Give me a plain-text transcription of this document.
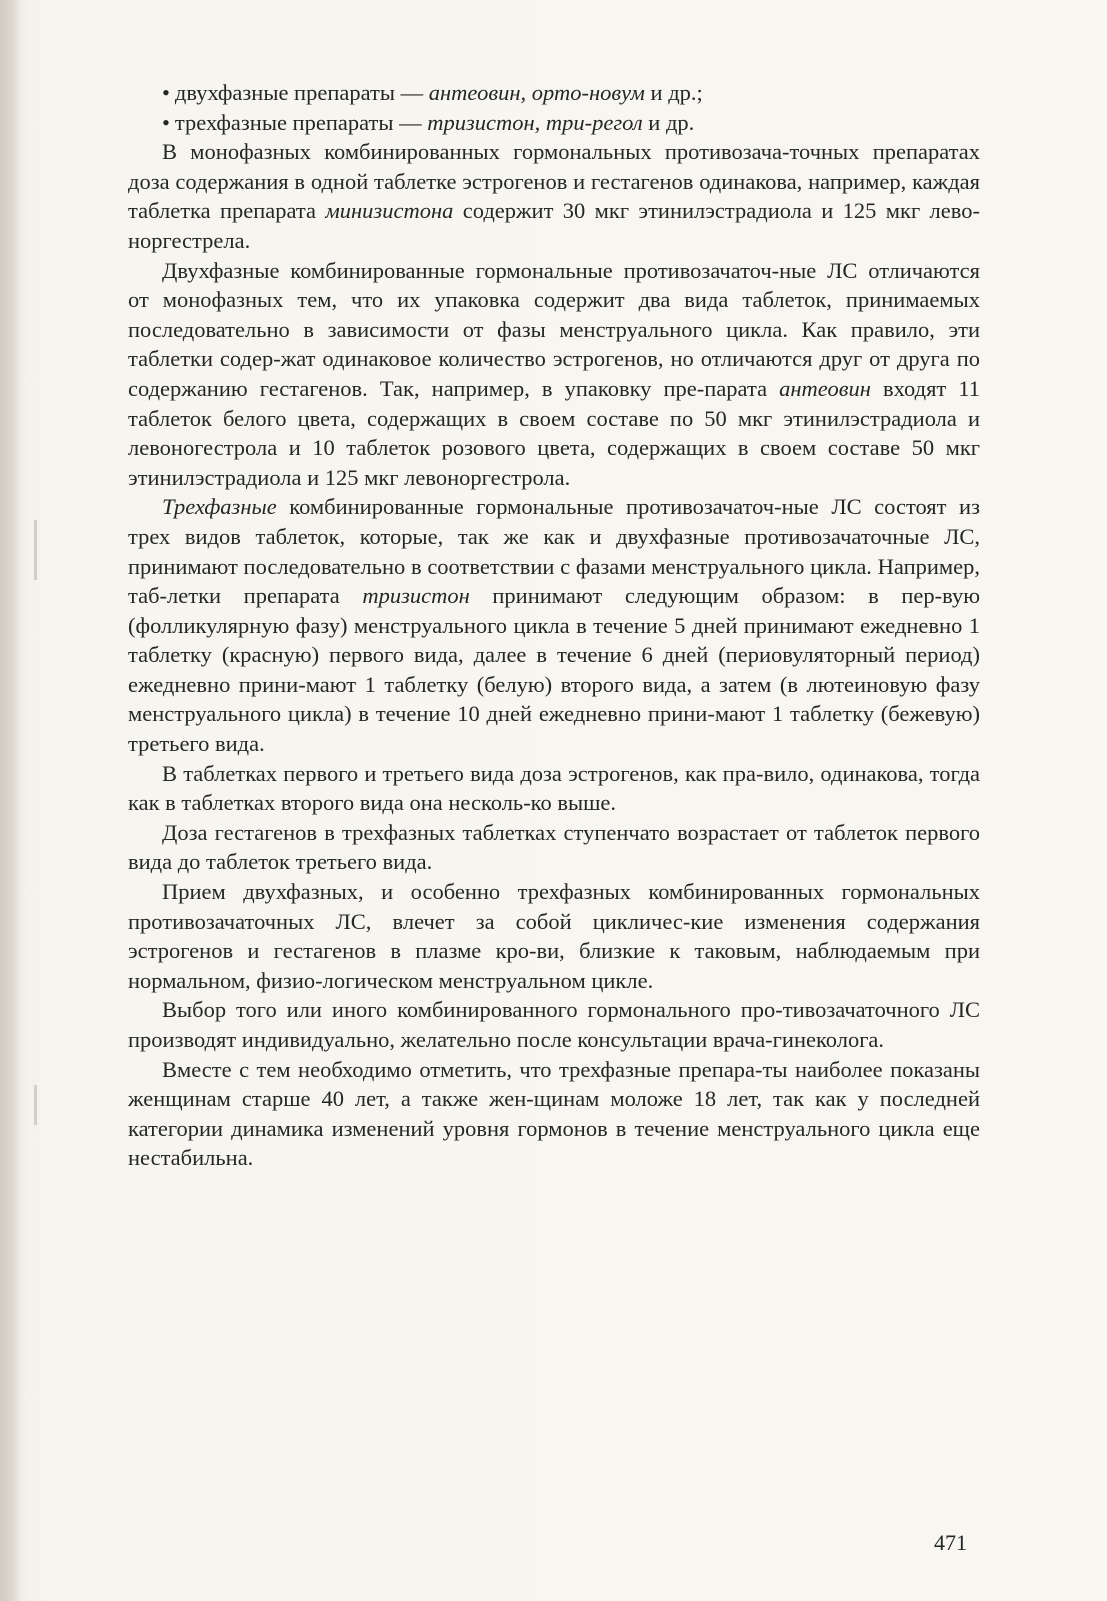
• двухфазные препараты — антеовин, орто-новум и др.;

• трехфазные препараты — тризистон, три-регол и др.

В монофазных комбинированных гормональных противозача-точных препаратах доза содержания в одной таблетке эстрогенов и гестагенов одинакова, например, каждая таблетка препарата минизистона содержит 30 мкг этинилэстрадиола и 125 мкг лево-норгестрела.

Двухфазные комбинированные гормональные противозачаточ-ные ЛС отличаются от монофазных тем, что их упаковка содержит два вида таблеток, принимаемых последовательно в зависимости от фазы менструального цикла. Как правило, эти таблетки содер-жат одинаковое количество эстрогенов, но отличаются друг от друга по содержанию гестагенов. Так, например, в упаковку пре-парата антеовин входят 11 таблеток белого цвета, содержащих в своем составе по 50 мкг этинилэстрадиола и левоногестрола и 10 таблеток розового цвета, содержащих в своем составе 50 мкг этинилэстрадиола и 125 мкг левоноргестрола.

Трехфазные комбинированные гормональные противозачаточ-ные ЛС состоят из трех видов таблеток, которые, так же как и двухфазные противозачаточные ЛС, принимают последовательно в соответствии с фазами менструального цикла. Например, таб-летки препарата тризистон принимают следующим образом: в пер-вую (фолликулярную фазу) менструального цикла в течение 5 дней принимают ежедневно 1 таблетку (красную) первого вида, далее в течение 6 дней (периовуляторный период) ежедневно прини-мают 1 таблетку (белую) второго вида, а затем (в лютеиновую фазу менструального цикла) в течение 10 дней ежедневно прини-мают 1 таблетку (бежевую) третьего вида.

В таблетках первого и третьего вида доза эстрогенов, как пра-вило, одинакова, тогда как в таблетках второго вида она несколь-ко выше.

Доза гестагенов в трехфазных таблетках ступенчато возрастает от таблеток первого вида до таблеток третьего вида.

Прием двухфазных, и особенно трехфазных комбинированных гормональных противозачаточных ЛС, влечет за собой цикличес-кие изменения содержания эстрогенов и гестагенов в плазме кро-ви, близкие к таковым, наблюдаемым при нормальном, физио-логическом менструальном цикле.

Выбор того или иного комбинированного гормонального про-тивозачаточного ЛС производят индивидуально, желательно после консультации врача-гинеколога.

Вместе с тем необходимо отметить, что трехфазные препара-ты наиболее показаны женщинам старше 40 лет, а также жен-щинам моложе 18 лет, так как у последней категории динамика изменений уровня гормонов в течение менструального цикла еще нестабильна.

471
